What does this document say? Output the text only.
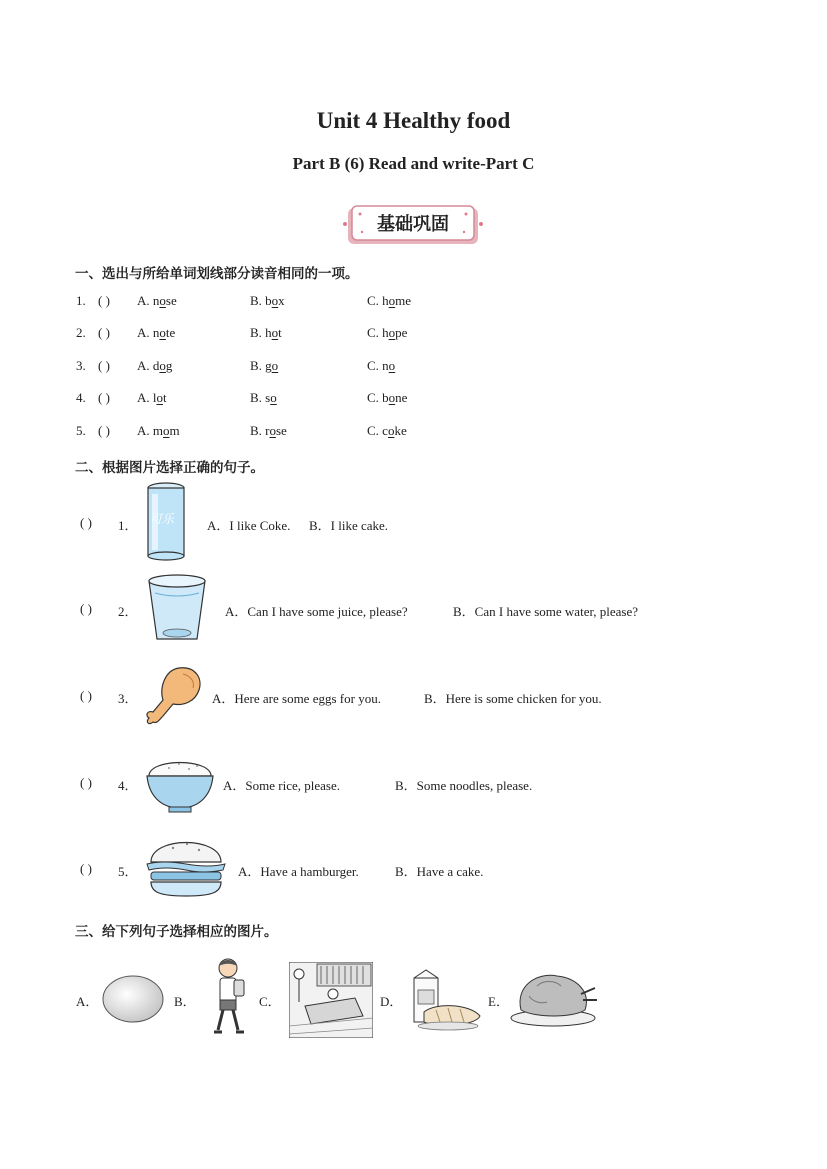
Unit 4 Healthy food
Part B (6) Read and write-Part C
基础巩固
一、选出与所给单词划线部分读音相同的一项。
1. ( ) A. nose	B. box	C. home
2. ( ) A. note	B. hot	C. hope
3. ( ) A. dog	B. go	C. no
4. ( ) A. lot	B. so	C. bone
5. ( ) A. mom	B. rose	C. coke
二、根据图片选择正确的句子。
( ) 1． 可乐	A．I like Coke. B．I like cake.
( ) 2．	A．Can I have some juice, please?	B．Can I have some water, please?
( ) 3．	A．Here are some eggs for you.	B．Here is some chicken for you.
( ) 4．	A．Some rice, please.	B．Some noodles, please.
( ) 5．	A．Have a hamburger.	B．Have a cake.
三、给下列句子选择相应的图片。
A．	B．	C．	D．	E．
